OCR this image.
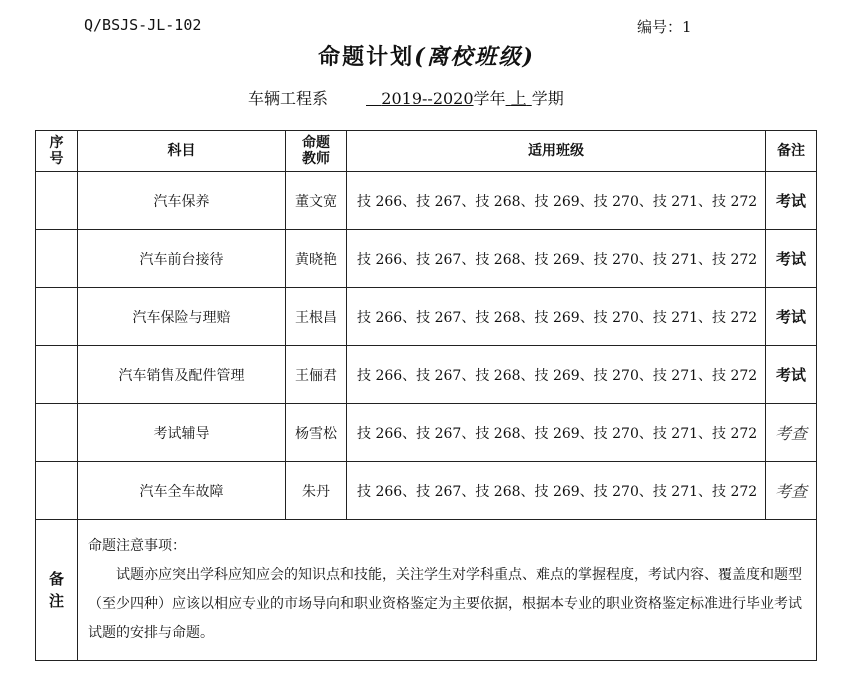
Q/BSJS-JL-102	编号：1
命题计划(离校班级)
车辆工程系	2019--2020学年 上 学期
序号	科目	命题教师	适用班级	备注
	汽车保养	董文宽	技 266、技 267、技 268、技 269、技 270、技 271、技 272	考试
	汽车前台接待	黄晓艳	技 266、技 267、技 268、技 269、技 270、技 271、技 272	考试
	汽车保险与理赔	王根昌	技 266、技 267、技 268、技 269、技 270、技 271、技 272	考试
	汽车销售及配件管理	王俪君	技 266、技 267、技 268、技 269、技 270、技 271、技 272	考试
	考试辅导	杨雪松	技 266、技 267、技 268、技 269、技 270、技 271、技 272	考查
	汽车全车故障	朱丹	技 266、技 267、技 268、技 269、技 270、技 271、技 272	考查
备注	命题注意事项：

试题亦应突出学科应知应会的知识点和技能，关注学生对学科重点、难点的掌握程度，考试内容、覆盖度和题型（至少四种）应该以相应专业的市场导向和职业资格鉴定为主要依据，根据本专业的职业资格鉴定标准进行毕业考试试题的安排与命题。			
